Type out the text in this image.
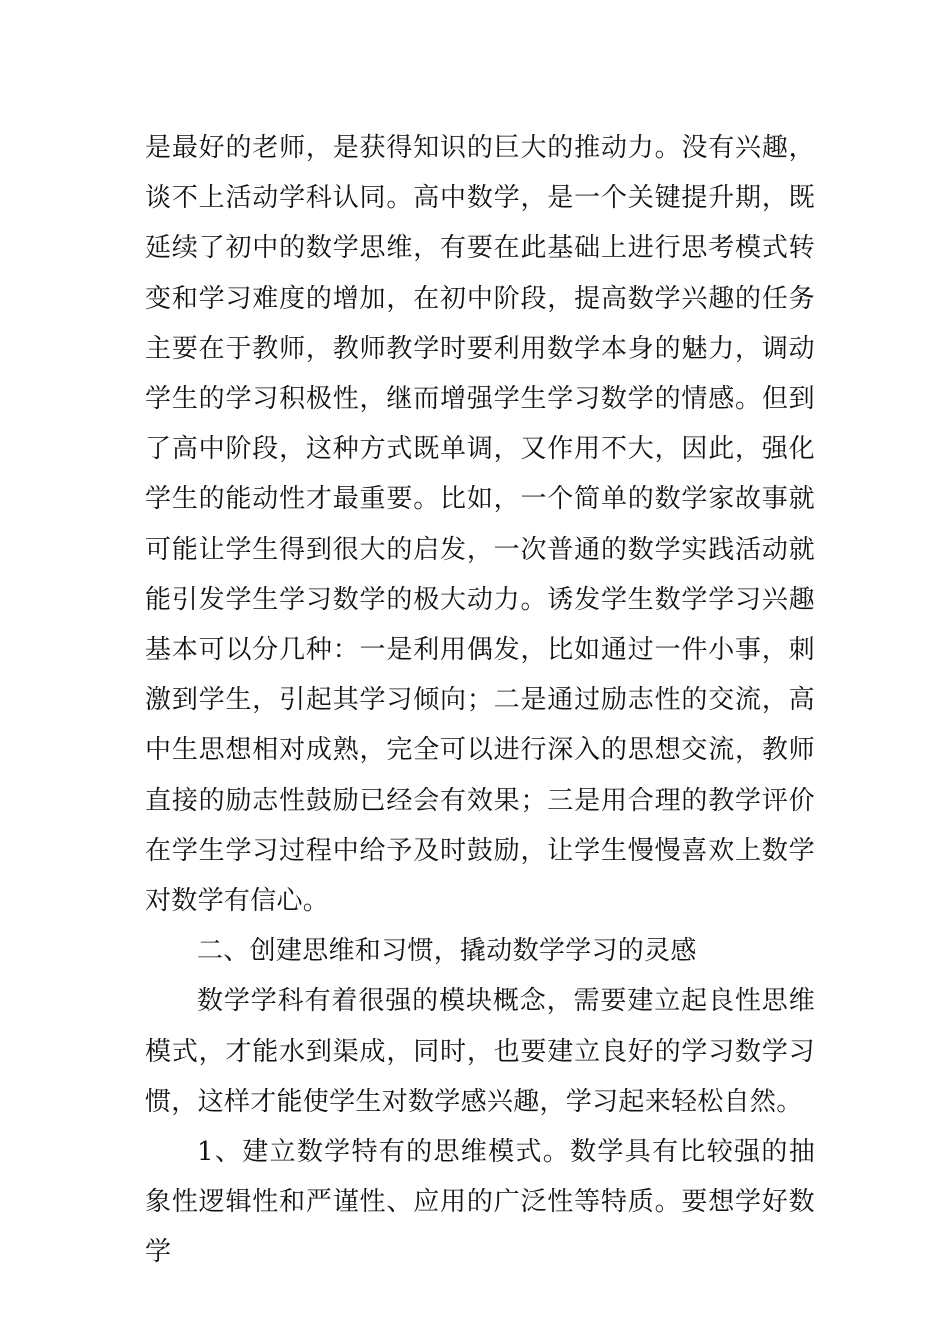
是最好的老师，是获得知识的巨大的推动力。没有兴趣，谈不上活动学科认同。高中数学，是一个关键提升期，既延续了初中的数学思维，有要在此基础上进行思考模式转变和学习难度的增加，在初中阶段，提高数学兴趣的任务主要在于教师，教师教学时要利用数学本身的魅力，调动学生的学习积极性，继而增强学生学习数学的情感。但到了高中阶段，这种方式既单调，又作用不大，因此，强化学生的能动性才最重要。比如，一个简单的数学家故事就可能让学生得到很大的启发，一次普通的数学实践活动就能引发学生学习数学的极大动力。诱发学生数学学习兴趣基本可以分几种：一是利用偶发，比如通过一件小事，刺激到学生，引起其学习倾向；二是通过励志性的交流，高中生思想相对成熟，完全可以进行深入的思想交流，教师直接的励志性鼓励已经会有效果；三是用合理的教学评价在学生学习过程中给予及时鼓励，让学生慢慢喜欢上数学对数学有信心。

二、创建思维和习惯，撬动数学学习的灵感

数学学科有着很强的模块概念，需要建立起良性思维模式，才能水到渠成，同时，也要建立良好的学习数学习惯，这样才能使学生对数学感兴趣，学习起来轻松自然。

1、建立数学特有的思维模式。数学具有比较强的抽象性逻辑性和严谨性、应用的广泛性等特质。要想学好数学
